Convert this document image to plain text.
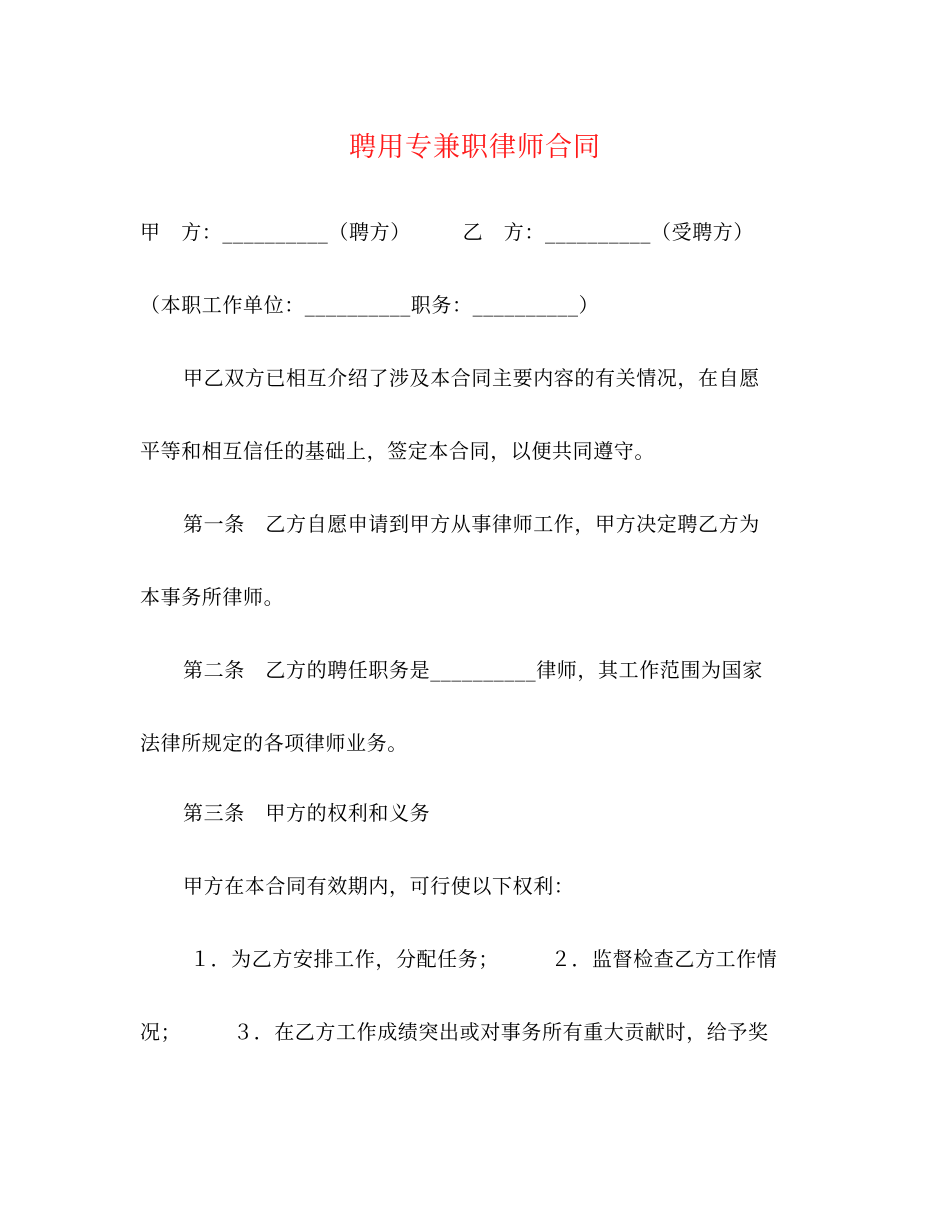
聘用专兼职律师合同
甲　方：__________（聘方）　　　乙　方：__________（受聘方）
（本职工作单位：__________职务：__________）
甲乙双方已相互介绍了涉及本合同主要内容的有关情况，在自愿
平等和相互信任的基础上，签定本合同，以便共同遵守。
第一条　乙方自愿申请到甲方从事律师工作，甲方决定聘乙方为
本事务所律师。
第二条　乙方的聘任职务是__________律师，其工作范围为国家
法律所规定的各项律师业务。
第三条　甲方的权利和义务
甲方在本合同有效期内，可行使以下权利：
１．为乙方安排工作，分配任务；　　　２．监督检查乙方工作情
况；　　　３．在乙方工作成绩突出或对事务所有重大贡献时，给予奖
